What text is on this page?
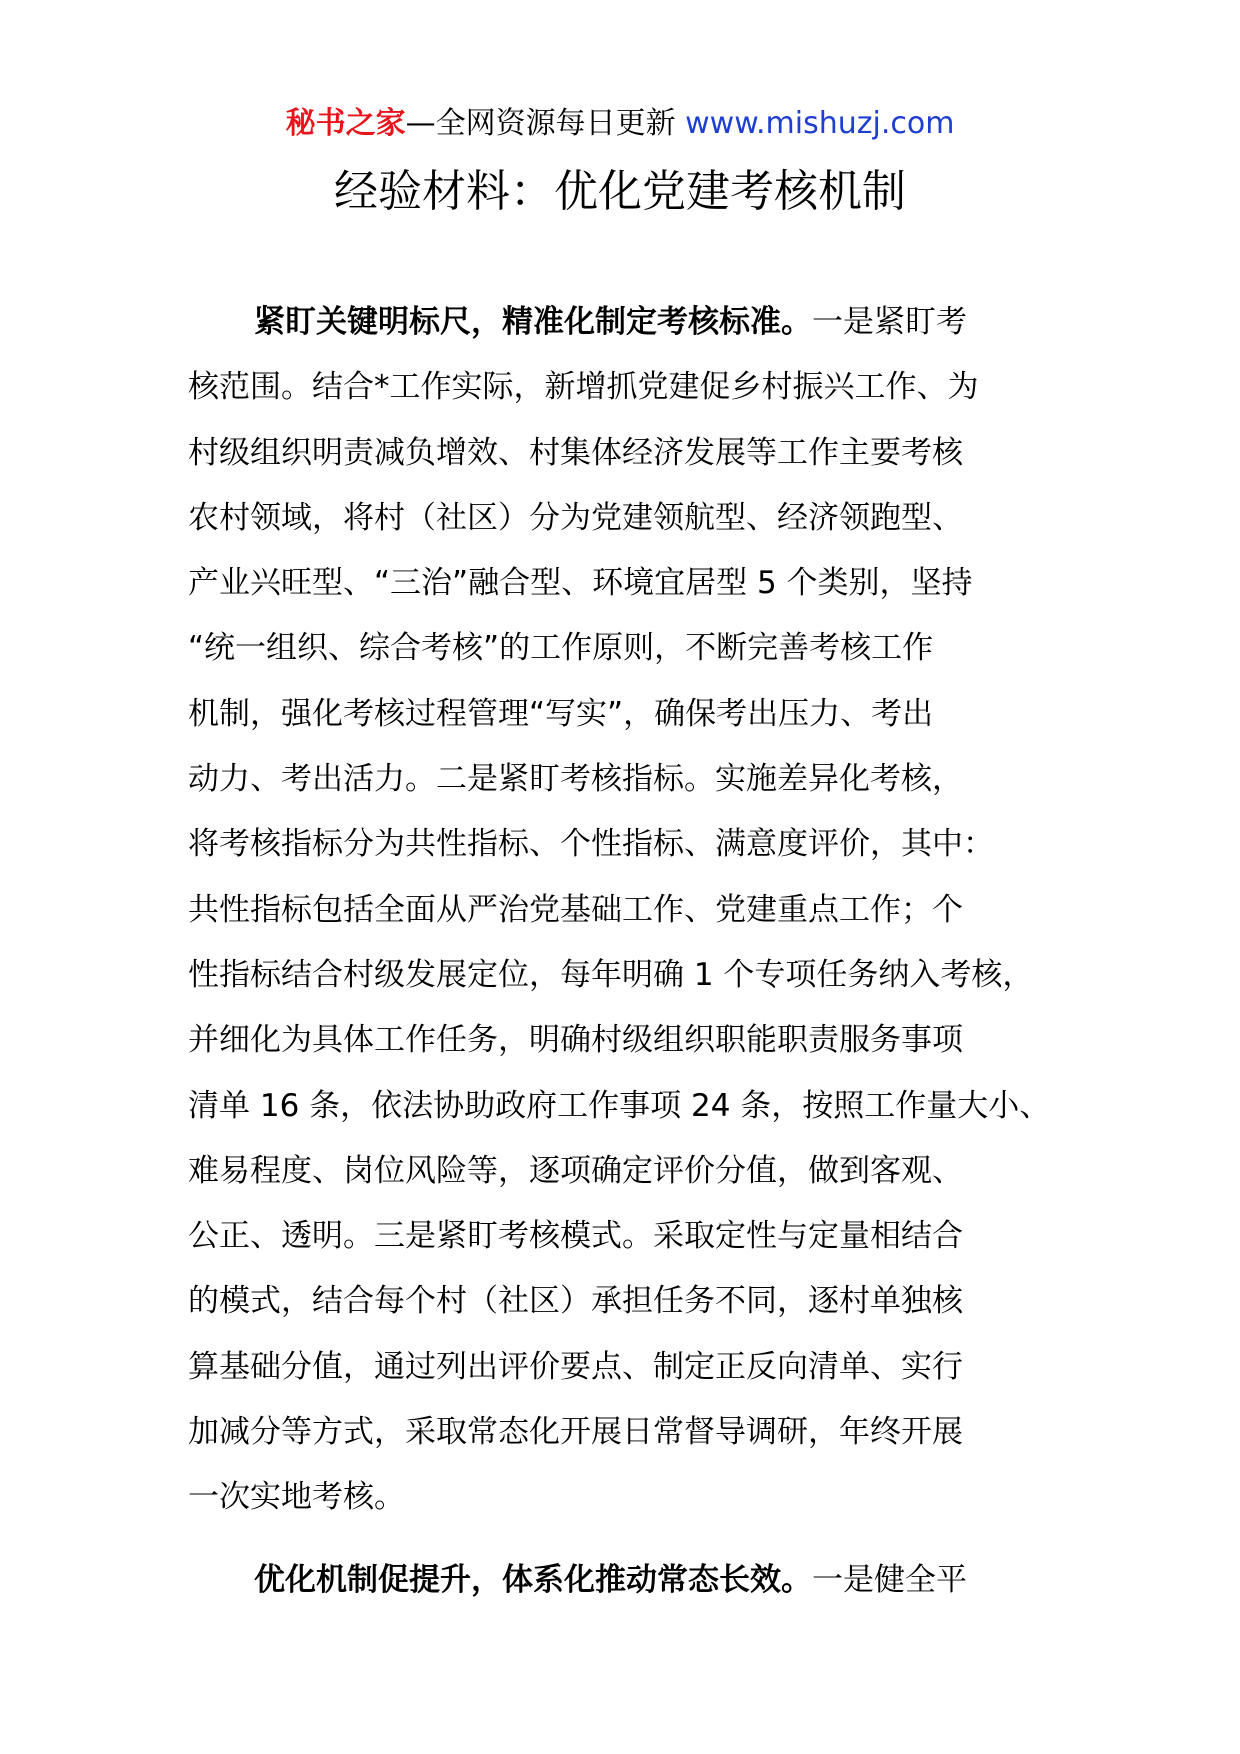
秘书之家—全网资源每日更新 www.mishuzj.com
经验材料：优化党建考核机制
紧盯关键明标尺，精准化制定考核标准。一是紧盯考
核范围。结合*工作实际，新增抓党建促乡村振兴工作、为
村级组织明责减负增效、村集体经济发展等工作主要考核
农村领域，将村（社区）分为党建领航型、经济领跑型、
产业兴旺型、“三治”融合型、环境宜居型 5 个类别，坚持
“统一组织、综合考核”的工作原则，不断完善考核工作
机制，强化考核过程管理“写实”，确保考出压力、考出
动力、考出活力。二是紧盯考核指标。实施差异化考核，
将考核指标分为共性指标、个性指标、满意度评价，其中：
共性指标包括全面从严治党基础工作、党建重点工作；个
性指标结合村级发展定位，每年明确 1 个专项任务纳入考核，
并细化为具体工作任务，明确村级组织职能职责服务事项
清单 16 条，依法协助政府工作事项 24 条，按照工作量大小、
难易程度、岗位风险等，逐项确定评价分值，做到客观、
公正、透明。三是紧盯考核模式。采取定性与定量相结合
的模式，结合每个村（社区）承担任务不同，逐村单独核
算基础分值，通过列出评价要点、制定正反向清单、实行
加减分等方式，采取常态化开展日常督导调研，年终开展
一次实地考核。
优化机制促提升，体系化推动常态长效。一是健全平
